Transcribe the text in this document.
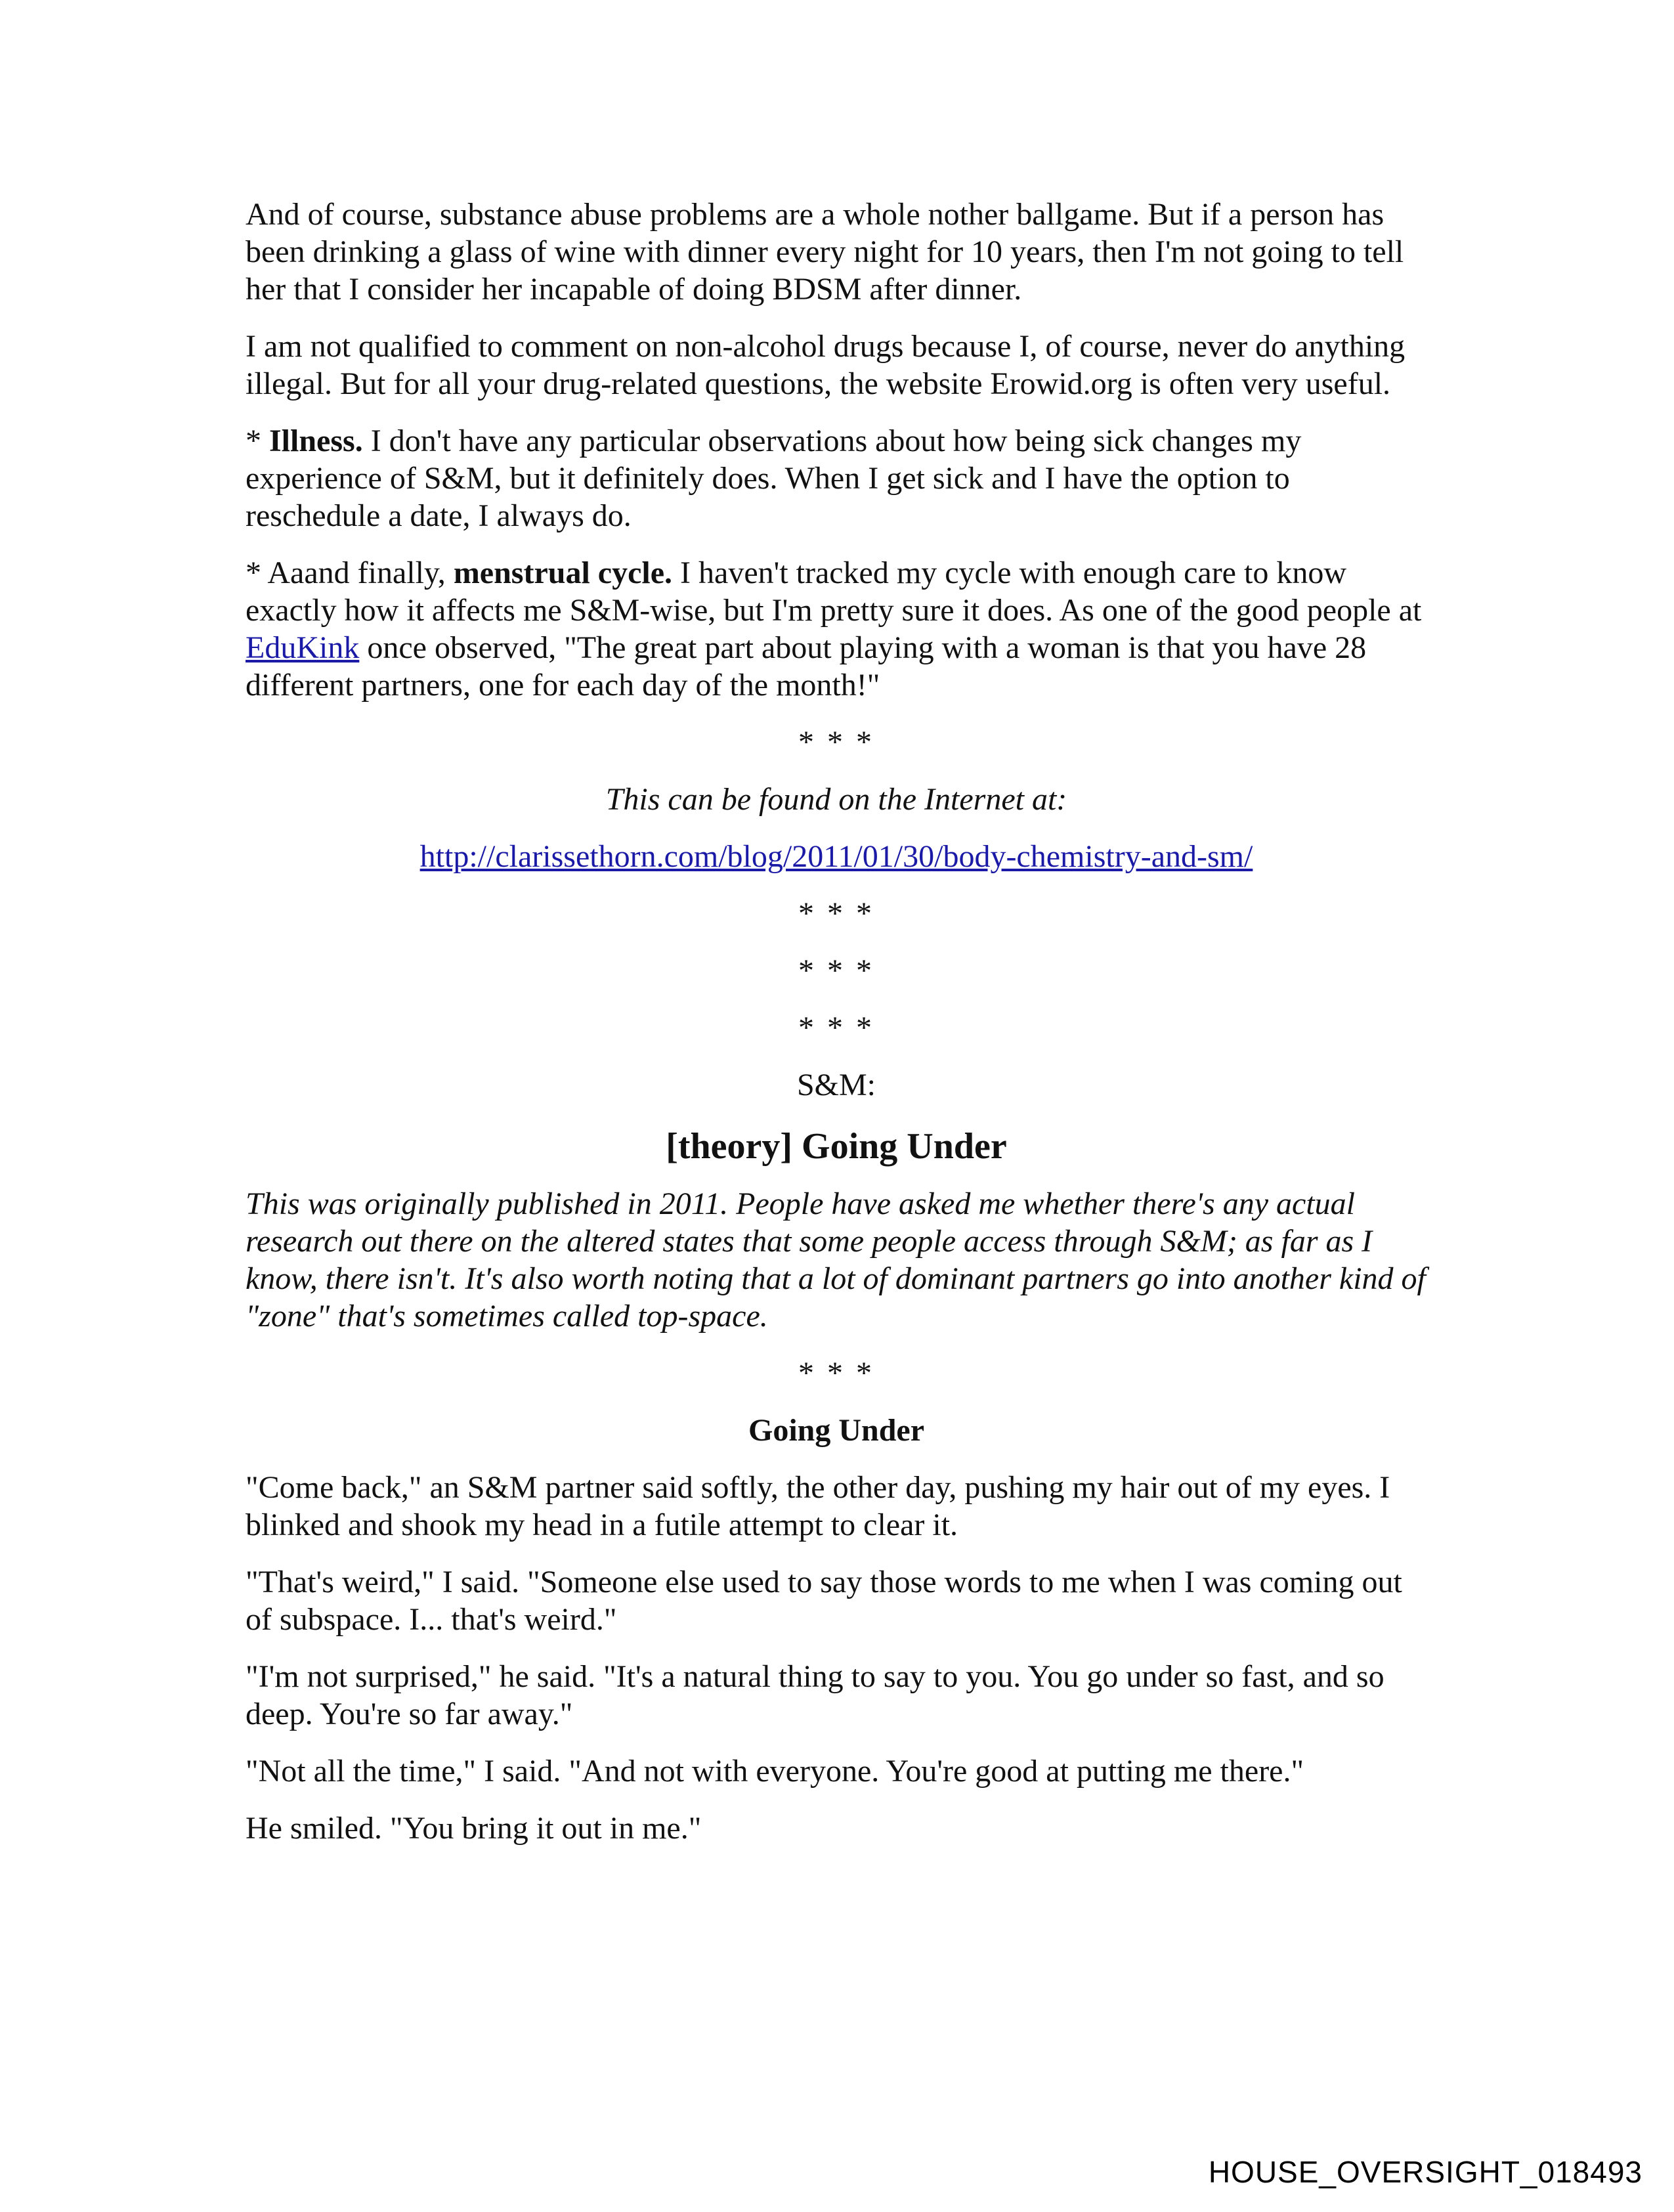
And of course, substance abuse problems are a whole nother ballgame. But if a person has been drinking a glass of wine with dinner every night for 10 years, then I'm not going to tell her that I consider her incapable of doing BDSM after dinner.

I am not qualified to comment on non-alcohol drugs because I, of course, never do anything illegal. But for all your drug-related questions, the website Erowid.org is often very useful.

* Illness. I don't have any particular observations about how being sick changes my experience of S&M, but it definitely does. When I get sick and I have the option to reschedule a date, I always do.

* Aaand finally, menstrual cycle. I haven't tracked my cycle with enough care to know exactly how it affects me S&M-wise, but I'm pretty sure it does. As one of the good people at EduKink once observed, "The great part about playing with a woman is that you have 28 different partners, one for each day of the month!"

* * *

This can be found on the Internet at:

http://clarissethorn.com/blog/2011/01/30/body-chemistry-and-sm/

* * *
* * *
* * *

S&M:

[theory] Going Under

This was originally published in 2011. People have asked me whether there's any actual research out there on the altered states that some people access through S&M; as far as I know, there isn't. It's also worth noting that a lot of dominant partners go into another kind of "zone" that's sometimes called top-space.

* * *
Going Under

"Come back," an S&M partner said softly, the other day, pushing my hair out of my eyes. I blinked and shook my head in a futile attempt to clear it.

"That's weird," I said. "Someone else used to say those words to me when I was coming out of subspace. I... that's weird."

"I'm not surprised," he said. "It's a natural thing to say to you. You go under so fast, and so deep. You're so far away."

"Not all the time," I said. "And not with everyone. You're good at putting me there."

He smiled. "You bring it out in me."

HOUSE_OVERSIGHT_018493
